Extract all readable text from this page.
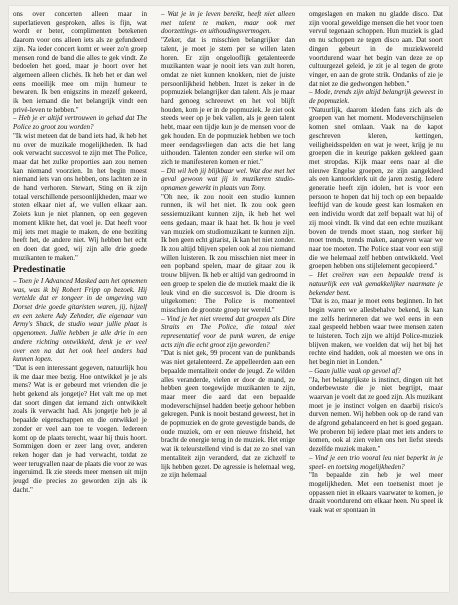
ons over concerten alleen maar in superlatieven gesproken, alles is fijn, wat wordt er beter, complimenten betekenen daarom voor ons alleen iets als ze gefundeerd zijn. Na ieder concert komt er weer zo'n groep mensen rond de band die alles te gek vindt. Ze bedoelen het goed, maar je hoort over het algemeen alleen clichés. Ik heb het er dan wel eens moeilijk mee om mijn humeur te bewaren. Ik ben enigszins in mezelf gekeerd, ik ben iemand die het belangrijk vindt een privé-leven te hebben."

– Heb je er altijd vertrouwen in gehad dat The Police zo groot zou worden?

"Ik wist meteen dat de band iets had, ik heb het nu over de muzikale mogelijkheden. Ik had ook verwacht succesvol te zijn met The Police, maar dat het zulke proporties aan zou nemen kan niemand voorzien. In het begin moest niemand iets van ons hebben, ons lachten ze in de hand verhoren. Stewart, Sting en ik zijn totaal verschillende persoonlijkheden, maar we stoten elkaar niet af, we vullen elkaar aan. Zoiets kun je niet plannen, op een gegeven moment klikte het, dat voel je. Dat heeft voor mij iets met magie te maken, de ene beziting heeft het, de andere niet. Wij hebben het echt en doen dat goed, wij zijn alle drie goede muzikanten te maken."

Predestinatie

– Toen je I Advanced Masked aan het opnemen was, was ik bij Robert Fripp op bezoek. Hij vertelde dat er tongeer in de omgeving van Dorset drie goede gitaristen waren, jij, hijzelf en een zekere Ady Zehnder, die eigenaar van Army's Shack, de studio waar julliе plaat is opgenomen. Julliе hebben je alle drie in een andere richting ontwikkeld, denk je er veel over een na dat het ook heel anders had kunnen lopen.

"Dat is een interessant gegeven, natuurlijk hou ik me daar mee bezig. Hoe ontwikkel je je als mens? Wat is er gebeurd met vrienden die je hebt gekend als jongetje? Het valt me op met dat soort dingen dat iemand zich ontwikkelt zoals ik verwacht had. Als jongetje heb je al bepaalde eigenschappen en die ontwikkel je zonder er veel aan toe te voegen. Iedereen komt op de plaats terecht, waar hij thuis hoort. Sommigen doen er zeer lang over, anderen reken hoger dan je had verwacht, totdat ze weer terugvallen naar de plaats die voor ze was ingeruimd. Ik zie steeds meer mensen uit mijn jeugd die precies zo geworden zijn als ik dacht."

– Wat je in je leven bereikt, heeft niet alleen met talent te maken, maar ook met doorzettings- en uithoudingsvermogen.

"Zeker, dat is misschien belangrijker dan talent, je moet je stem per se willen laten horen. Er zijn ongelooflijk getalenteerde muzikanten waar je nooit iets van zult horen, omdat ze niet kunnen knokken, niet de juiste persoonlijkheid hebben. Inzet is zeker in de popmuziek belangrijker dan talent. Als je maar hard genoeg schreeuwt en het vol blijft houden, kom je er in de popmuziek. Je ziet ook steeds weer op je bek vallen, als je geen talent hebt, maar een tijdje kun je de mensen voor de gek houden. En de popmuziek hebben we toch meer eendagsvliegen dan acts die het lang uithouden. Talenten zonder een sterke wil om zich te manifesteren komen er niet."

– Dit wil heb jij blijkbaar wel. Wat doe met het geval gewoon wat jij in muzikeren studio-opnamen gewerkt in plaats van Tony.

"Oh nee, ik zou nooit een studio kunnen runnen, ik wil het niet. Ik zou ook geen sessiemuzikant kunnen zijn, ik heb het wel eens gedaan, maar ik haat het. Ik hou je veel van muziek om studiomuzikant te kunnen zijn. Ik ben geen echt gitarist, ik kan het niet zonder. Ik zou altijd blijven spelen ook al zou niemand willen luisteren. Ik zou misschien niet meer in een popband spelen, maar de gitaar zou ik trouw blijven. Ik heb er altijd van gedroomd in een groep te spelen die de muziek maakt die ik leuk vind en die succesvol is. Die droom is uitgekomen: The Police is momenteel misschien de grootste groep ter wereld."

– Vind je het niet vreemd dat groepen als Dire Straits en The Police, die totaal niet representatief voor de punk waren, de enige acts zijn die echt groot zijn geworden?

"Dat is niet gek, 99 procent van de punkbands was niet getalenteerd. Ze appelleerden aan een bepaalde mentaliteit onder de jeugd. Ze wilden alles veranderde, vielen er door de mand, ze hebben geen toegewijde muzikanten te zijn, maar meer die aard dat een bepaalde modeverschijnsel hadden beetje gehoor hebben gekregen. Punk is nooit bestand geweest, het in de popmuziek en de grote gevestigde bands, de oude muziek, om er een nieuwe frisheid, het bracht de energie terug in de muziek. Het enige wat ik teleurstellend vind is dat ze zo snel van mentaliteit zijn veranderd, dat ze zichzelf te lijk hebben gezet. De agressie is helemaal weg, ze zijn helemaal

omgeslagen en maken nu gladde disco. Dat zijn vooral geweldige mensen die het voor toen vervul tegenaan schoppen. Hun muziek is glad en nu schoppen ze tegen disco aan. Dat soort dingen gebeurt in de muziekwereld voortdurend waar het begin van deze ze op cultuurgezel geleid, je zit je al tegen de grote vinger, en aan de grote strik. Ondanks of zie je dat niet ze die gedwongen hebben."

– Mode, trends zijn altijd belangrijk geweest in de popmuziek.

"Natuurlijk, daarom kleden fans zich als de groepen van het moment. Modeverschijnselen komen snel omlaan. Vaak na de kapot geschreven kleren, kettingen, veiligheidsspelden en wat je weet, krijg je nu groepen die in keurige pakken gekleed gaan met stropdas. Kijk maar eens naar al die nieuwe Engelse groepen, ze zijn aangekleed als een kantoorklerk uit de jaren zestig. Iedere generatie heeft zijn idolen, het is voor een persoon te hopen dat hij toch op een bepaalde leeftijd van de koude geest kan losmaken en een individu wordt dat zelf bepaalt wat hij of zij mooi vindt. Ik vind dat een echte muzikant boven de trends moet staan, nog sterker hij moet trends, trends maken, aangeven waar we naar toe moeten. The Police staat voor een stijl die we helemaal zelf hebben ontwikkeld. Veel groepen hebben ons stijlelement gecopieerd."

– Het creëren van een bepaalde trend is natuurlijk een vak gemakkelijker naarmate je bekender bent.

"Dat is zo, maar je moet eens beginnen. In het begin waren we allesbehalve bekend, ik kan me zelfs herinneren dat we wel eens in een zaal gespeeld hebben waar twee mensen zaten te luisteren. Toch zijn we altijd Police-muziek blijven maken, we voelden dat wij het bij het rechte eind hadden, ook al moesten we ons in het begin niet in Londen."

– Gaan jullie vaak op gevoel af?

"Ja, het belangrijkste is instinct, dingen uit het onderbewuste die je niet begrijpt, maar waarvan je voelt dat ze goed zijn. Als muzikant moet je je instinct volgen en daarbij risico's durven nemen. Wij hebben ook op de rand van de afgrond gebalanceerd en het is goed gegaan. We proberen bij iedere plaat met iets anders te komen, ook al zien velen ons het liefst steeds dezelfde muziek maken."

– Vind je een trio vooral leu niet beperkt in je speel- en toetsing mogelijkheden?

"In bepaalde zin heb je wel meer mogelijkheden. Met een toetsenist moet je oppassen niet in elkaars vaarwater te komen, je draait voortdurend om elkaar heen. Nu speel ik vaak wat er spontaan in
